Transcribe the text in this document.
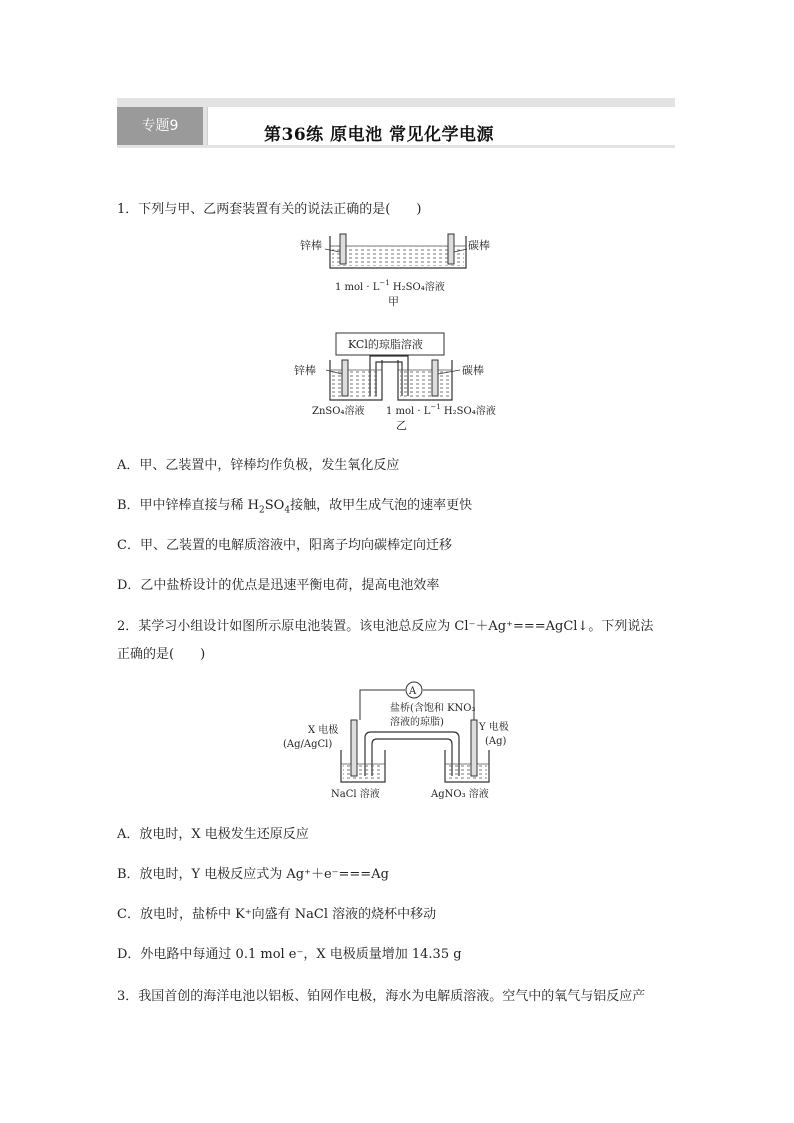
专题9	第36练 原电池 常见化学电源
1．下列与甲、乙两套装置有关的说法正确的是(　　)
锌棒	碳棒
1 mol · $L^{-1}$ H₂SO₄溶液
甲
KCl的琼脂溶液
锌棒	碳棒
ZnSO₄溶液 1 mol · $L^{-1}$ H₂SO₄溶液
乙
A．甲、乙装置中，锌棒均作负极，发生氧化反应
B．甲中锌棒直接与稀 $H_2SO_4$接触，故甲生成气泡的速率更快
C．甲、乙装置的电解质溶液中，阳离子均向碳棒定向迁移
D．乙中盐桥设计的优点是迅速平衡电荷，提高电池效率
2．某学习小组设计如图所示原电池装置。该电池总反应为 Cl⁻＋Ag⁺===AgCl↓。下列说法
正确的是(　　)
A
盐桥(含饱和 KNO₃
溶液的琼脂)
X 电极
(Ag/AgCl)
Y 电极
(Ag)
NaCl 溶液	AgNO₃ 溶液
A．放电时，X 电极发生还原反应
B．放电时，Y 电极反应式为 Ag⁺＋e⁻===Ag
C．放电时，盐桥中 K⁺向盛有 NaCl 溶液的烧杯中移动
D．外电路中每通过 0.1 mol e⁻，X 电极质量增加 14.35 g
3．我国首创的海洋电池以铝板、铂网作电极，海水为电解质溶液。空气中的氧气与铝反应产
